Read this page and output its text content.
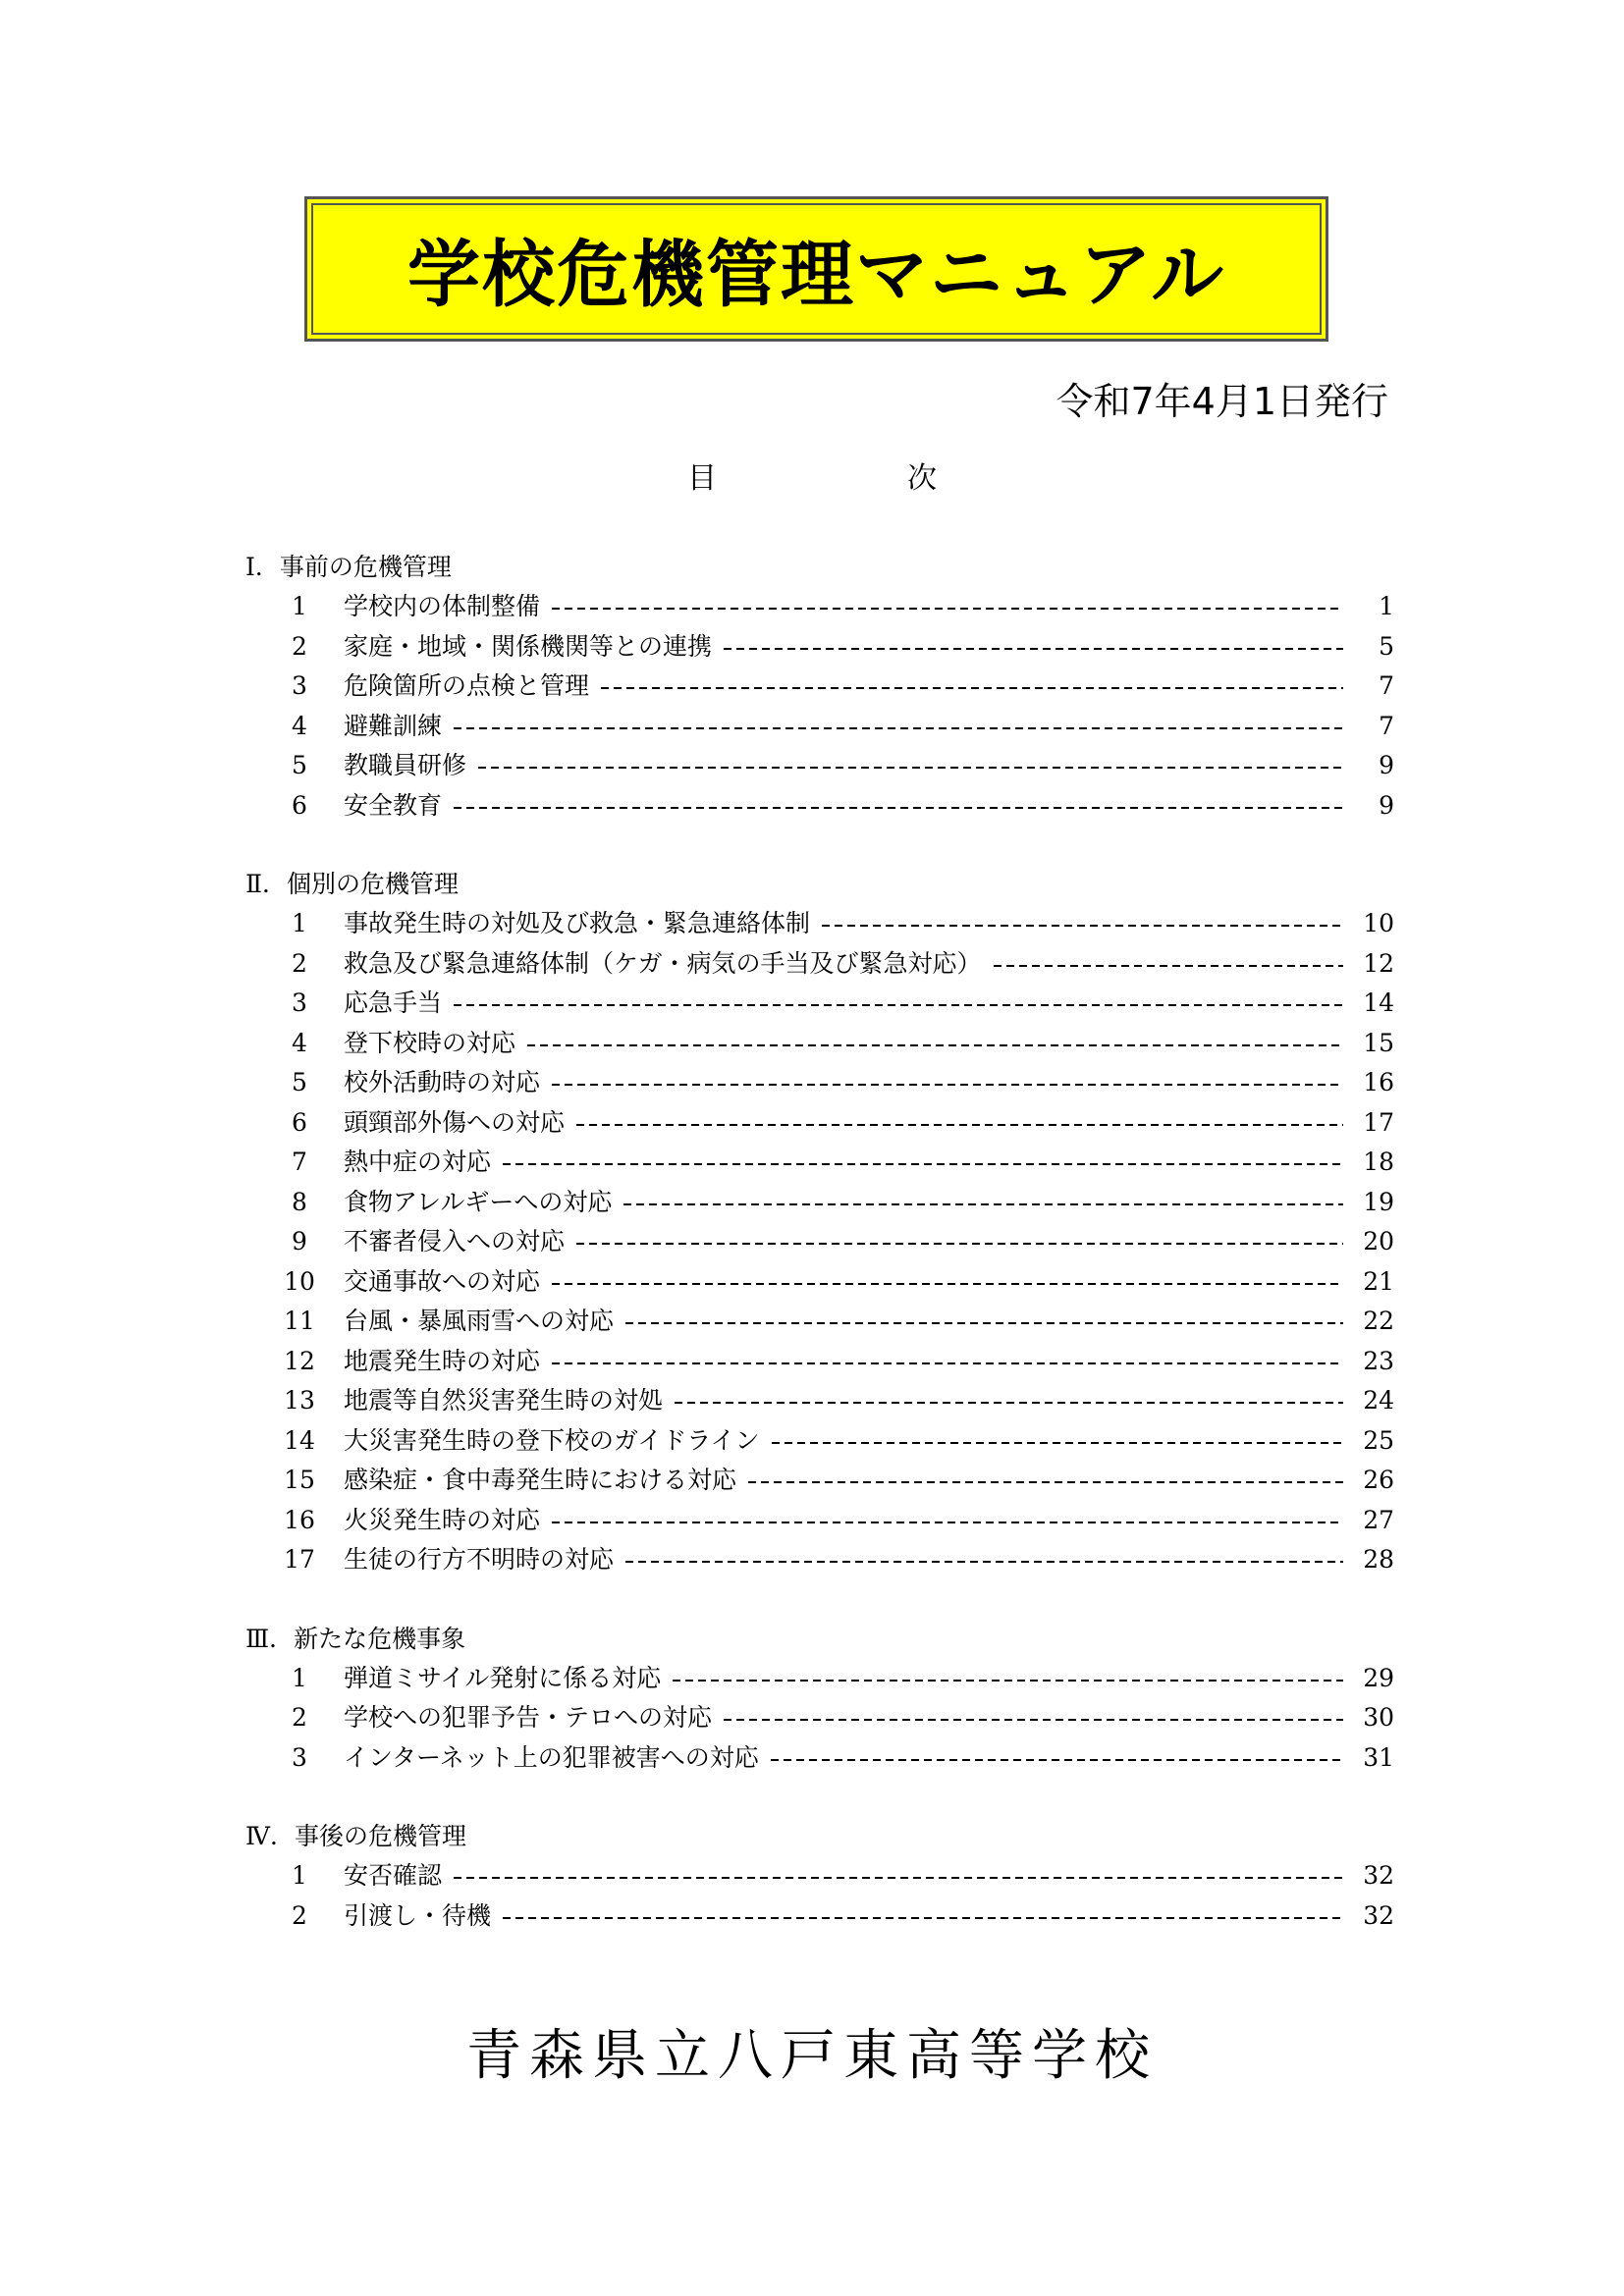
学校危機管理マニュアル
令和7年4月1日発行
目　次
Ⅰ．事前の危機管理
1	学校内の体制整備	1
2	家庭・地域・関係機関等との連携	5
3	危険箇所の点検と管理	7
4	避難訓練	7
5	教職員研修	9
6	安全教育	9
Ⅱ．個別の危機管理
1	事故発生時の対処及び救急・緊急連絡体制	10
2	救急及び緊急連絡体制（ケガ・病気の手当及び緊急対応）	12
3	応急手当	14
4	登下校時の対応	15
5	校外活動時の対応	16
6	頭頸部外傷への対応	17
7	熱中症の対応	18
8	食物アレルギーへの対応	19
9	不審者侵入への対応	20
10	交通事故への対応	21
11	台風・暴風雨雪への対応	22
12	地震発生時の対応	23
13	地震等自然災害発生時の対処	24
14	大災害発生時の登下校のガイドライン	25
15	感染症・食中毒発生時における対応	26
16	火災発生時の対応	27
17	生徒の行方不明時の対応	28
Ⅲ．新たな危機事象
1	弾道ミサイル発射に係る対応	29
2	学校への犯罪予告・テロへの対応	30
3	インターネット上の犯罪被害への対応	31
Ⅳ．事後の危機管理
1	安否確認	32
2	引渡し・待機	32
青森県立八戸東高等学校
